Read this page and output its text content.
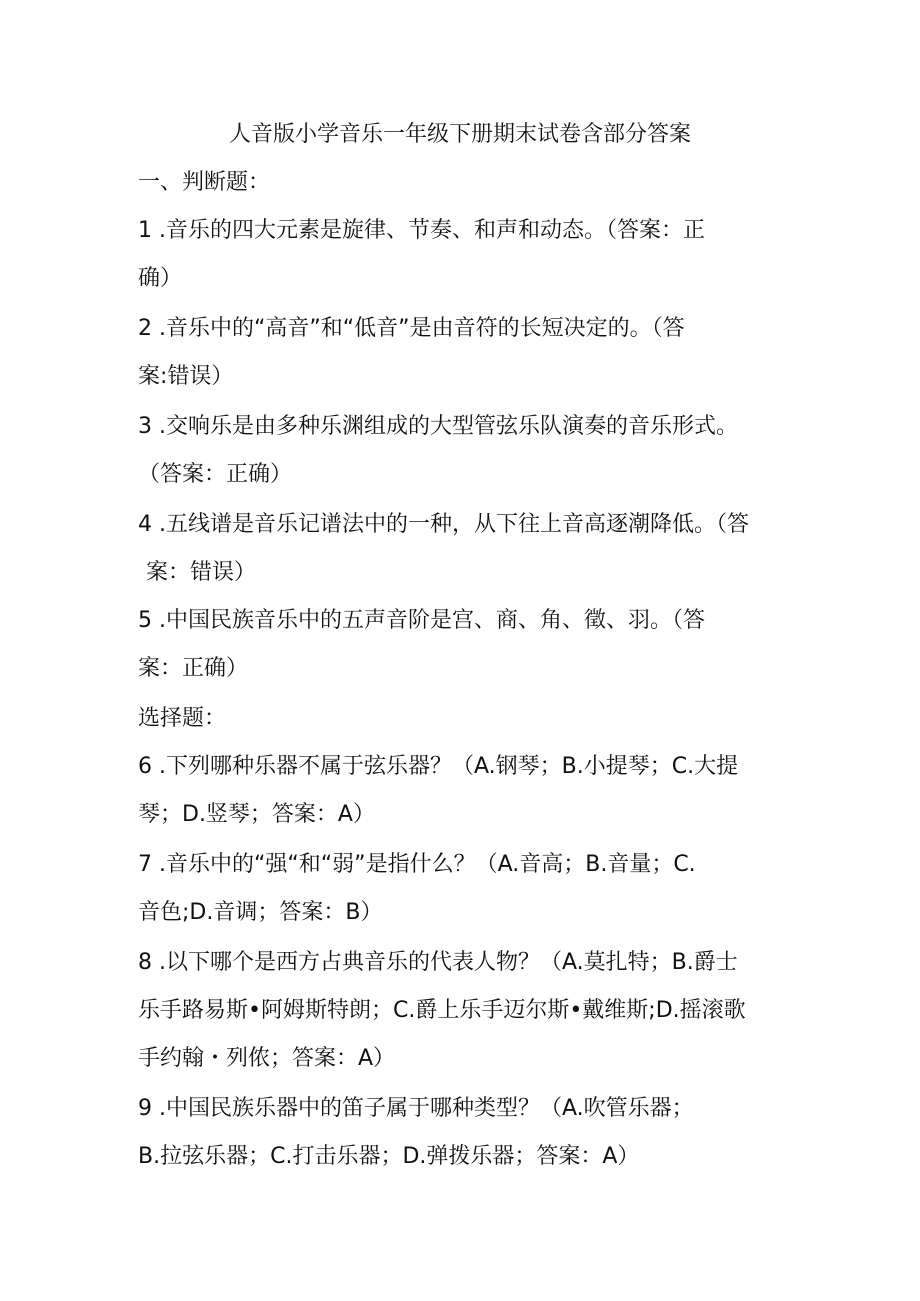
人音版小学音乐一年级下册期末试卷含部分答案
一、判断题：
1 .音乐的四大元素是旋律、节奏、和声和动态。（答案：正
确）
2 .音乐中的“高音”和“低音”是由音符的长短决定的。（答
案:错误）
3 .交响乐是由多种乐渊组成的大型管弦乐队演奏的音乐形式。
（答案：正确）
4 .五线谱是音乐记谱法中的一种，从下往上音高逐潮降低。（答
案：错误）
5 .中国民族音乐中的五声音阶是宫、商、角、徵、羽。（答
案：正确）
选择题：
6 .下列哪种乐器不属于弦乐器？（A.钢琴；B.小提琴；C.大提
琴；D.竖琴；答案：A）
7 .音乐中的“强“和“弱”是指什么？（A.音高；B.音量；C.
音色;D.音调；答案：B）
8 .以下哪个是西方占典音乐的代表人物？（A.莫扎特；B.爵士
乐手路易斯•阿姆斯特朗；C.爵上乐手迈尔斯•戴维斯;D.摇滚歌
手约翰・列侬；答案：A）
9 .中国民族乐器中的笛子属于哪种类型？（A.吹管乐器；
B.拉弦乐器；C.打击乐器；D.弹拨乐器；答案：A）
